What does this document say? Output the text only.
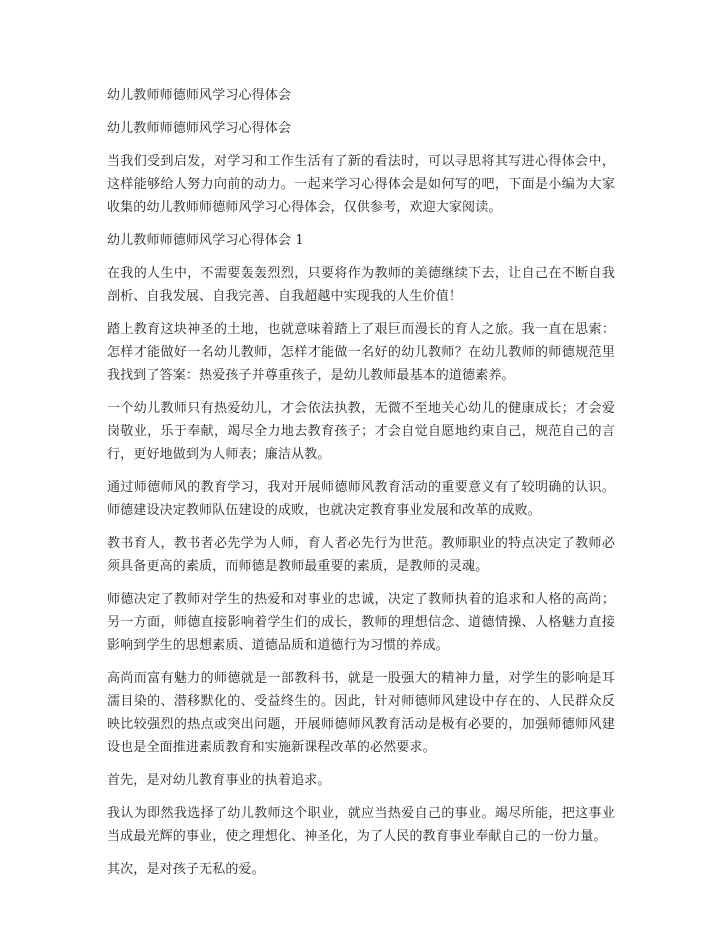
幼儿教师师德师风学习心得体会

幼儿教师师德师风学习心得体会

当我们受到启发，对学习和工作生活有了新的看法时，可以寻思将其写进心得体会中，这样能够给人努力向前的动力。一起来学习心得体会是如何写的吧，下面是小编为大家收集的幼儿教师师德师风学习心得体会，仅供参考，欢迎大家阅读。

幼儿教师师德师风学习心得体会 1

在我的人生中，不需要轰轰烈烈，只要将作为教师的美德继续下去，让自己在不断自我剖析、自我发展、自我完善、自我超越中实现我的人生价值！

踏上教育这块神圣的土地，也就意味着踏上了艰巨而漫长的育人之旅。我一直在思索：怎样才能做好一名幼儿教师，怎样才能做一名好的幼儿教师？在幼儿教师的师德规范里我找到了答案：热爱孩子并尊重孩子，是幼儿教师最基本的道德素养。

一个幼儿教师只有热爱幼儿，才会依法执教，无微不至地关心幼儿的健康成长；才会爱岗敬业，乐于奉献，竭尽全力地去教育孩子；才会自觉自愿地约束自己，规范自己的言行，更好地做到为人师表；廉洁从教。

通过师德师风的教育学习，我对开展师德师风教育活动的重要意义有了较明确的认识。师德建设决定教师队伍建设的成败，也就决定教育事业发展和改革的成败。

教书育人，教书者必先学为人师，育人者必先行为世范。教师职业的特点决定了教师必须具备更高的素质，而师德是教师最重要的素质，是教师的灵魂。

师德决定了教师对学生的热爱和对事业的忠诚，决定了教师执着的追求和人格的高尚；另一方面，师德直接影响着学生们的成长，教师的理想信念、道德情操、人格魅力直接影响到学生的思想素质、道德品质和道德行为习惯的养成。

高尚而富有魅力的师德就是一部教科书，就是一股强大的精神力量，对学生的影响是耳濡目染的、潜移默化的、受益终生的。因此，针对师德师风建设中存在的、人民群众反映比较强烈的热点或突出问题，开展师德师风教育活动是极有必要的，加强师德师风建设也是全面推进素质教育和实施新课程改革的必然要求。

首先，是对幼儿教育事业的执着追求。

我认为即然我选择了幼儿教师这个职业，就应当热爱自己的事业。竭尽所能，把这事业当成最光辉的事业，使之理想化、神圣化，为了人民的教育事业奉献自己的一份力量。

其次，是对孩子无私的爱。
